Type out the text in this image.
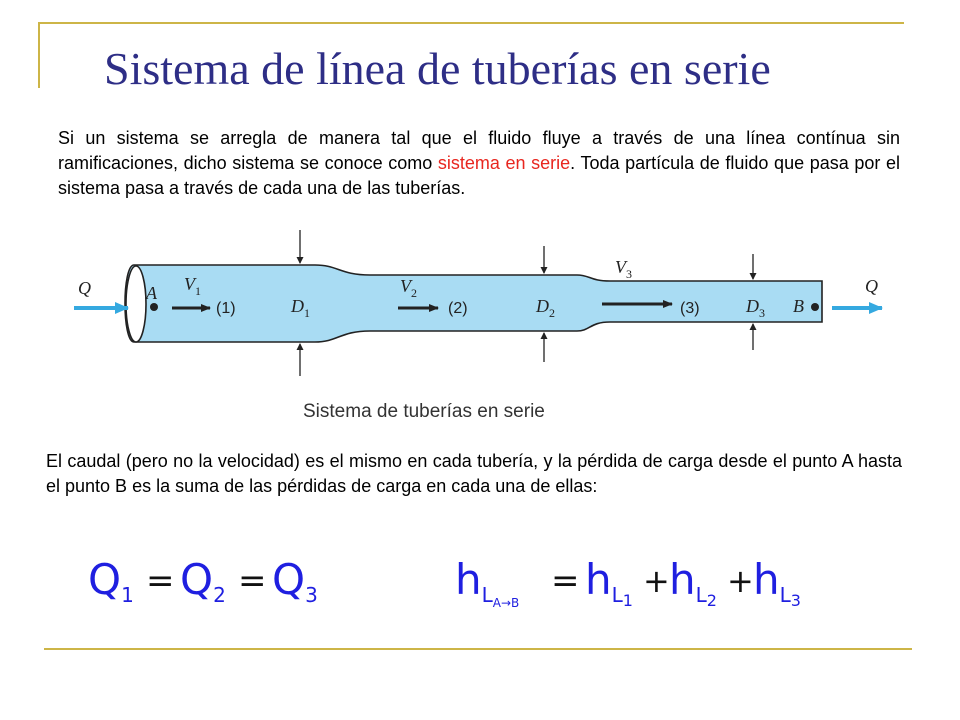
Sistema de línea de tuberías en serie

Si un sistema se arregla de manera tal que el fluido fluye a través de una línea contínua sin ramificaciones, dicho sistema se conoce como sistema en serie. Toda partícula de fluido que pasa por el sistema pasa a través de cada una de las tuberías.

Q	Q
A
B
$V_1$	$V_2$
$V_3$
$D_1$	$D_2$	$D_3$
(1)	(2)	(3)
Sistema de tuberías en serie

El caudal (pero no la velocidad) es el mismo en cada tubería, y la pérdida de carga desde el punto A hasta el punto B es la suma de las pérdidas de carga en cada una de ellas:

Q1 = Q2 = Q3	hLA→B
= hL1
+ hL2
+ hL3
